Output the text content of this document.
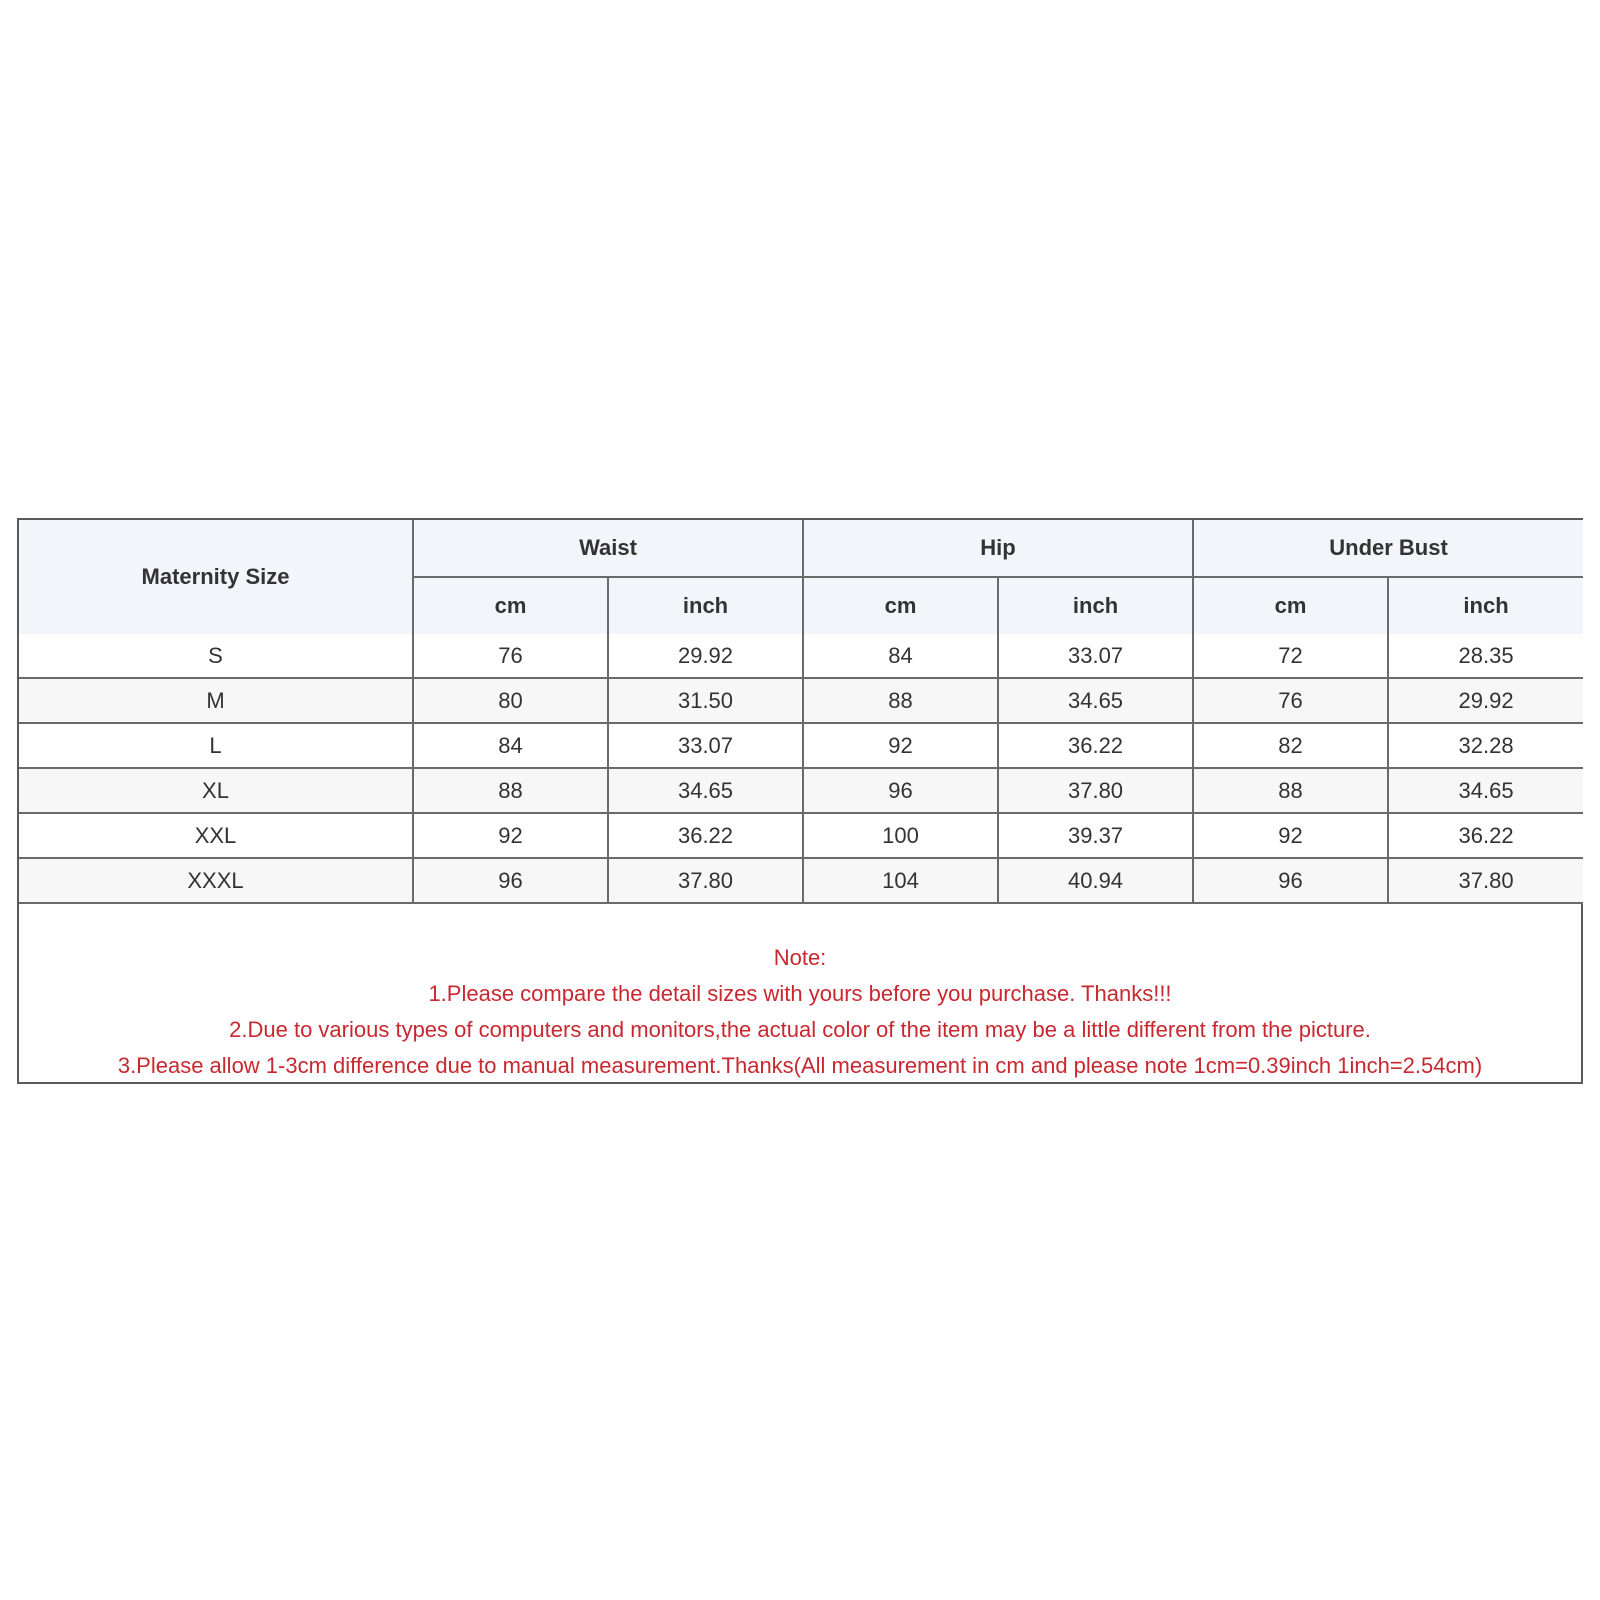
Maternity Size	Waist		Hip		Under Bust	
	cm	inch	cm	inch	cm	inch
S	76	29.92	84	33.07	72	28.35
M	80	31.50	88	34.65	76	29.92
L	84	33.07	92	36.22	82	32.28
XL	88	34.65	96	37.80	88	34.65
XXL	92	36.22	100	39.37	92	36.22
XXXL	96	37.80	104	40.94	96	37.80
Note:
1.Please compare the detail sizes with yours before you purchase. Thanks!!!
2.Due to various types of computers and monitors,the actual color of the item may be a little different from the picture.
3.Please allow 1-3cm difference due to manual measurement.Thanks(All measurement in cm and please note 1cm=0.39inch 1inch=2.54cm)
